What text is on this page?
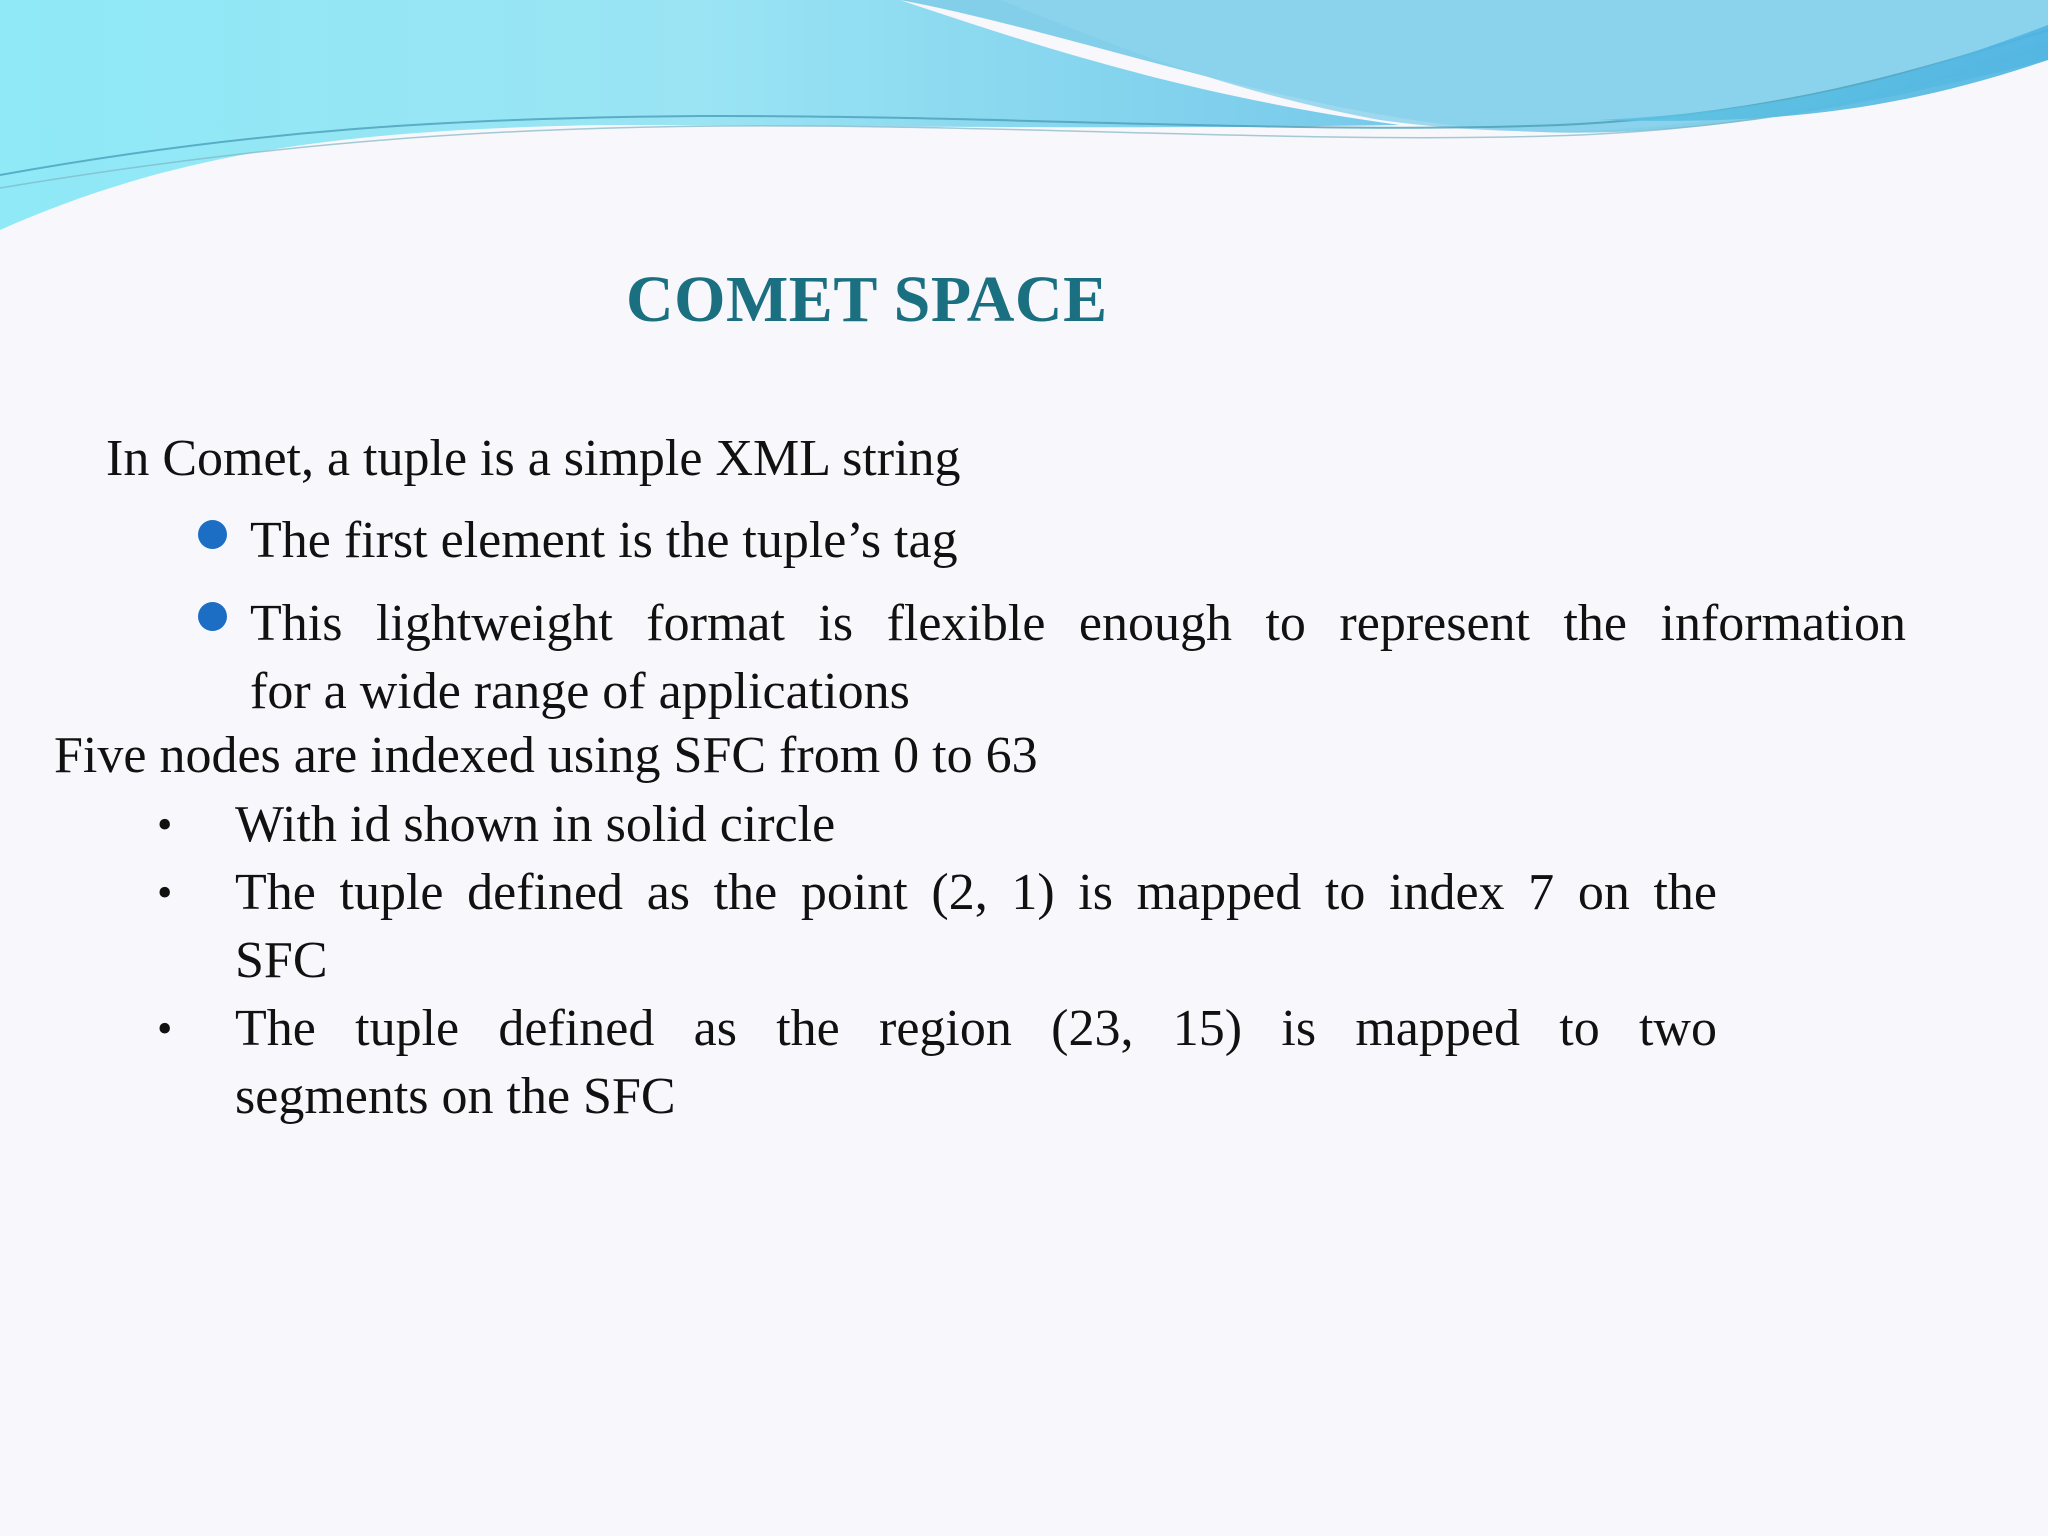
COMET SPACE
In Comet, a tuple is a simple XML string
The first element is the tuple’s tag
This lightweight format is flexible enough to represent the information
for a wide range of applications
Five nodes are indexed using SFC from 0 to 63
• With id shown in solid circle
• The tuple defined as the point (2, 1) is mapped to index 7 on the
SFC
• The tuple defined as the region (23, 15) is mapped to two
segments on the SFC
